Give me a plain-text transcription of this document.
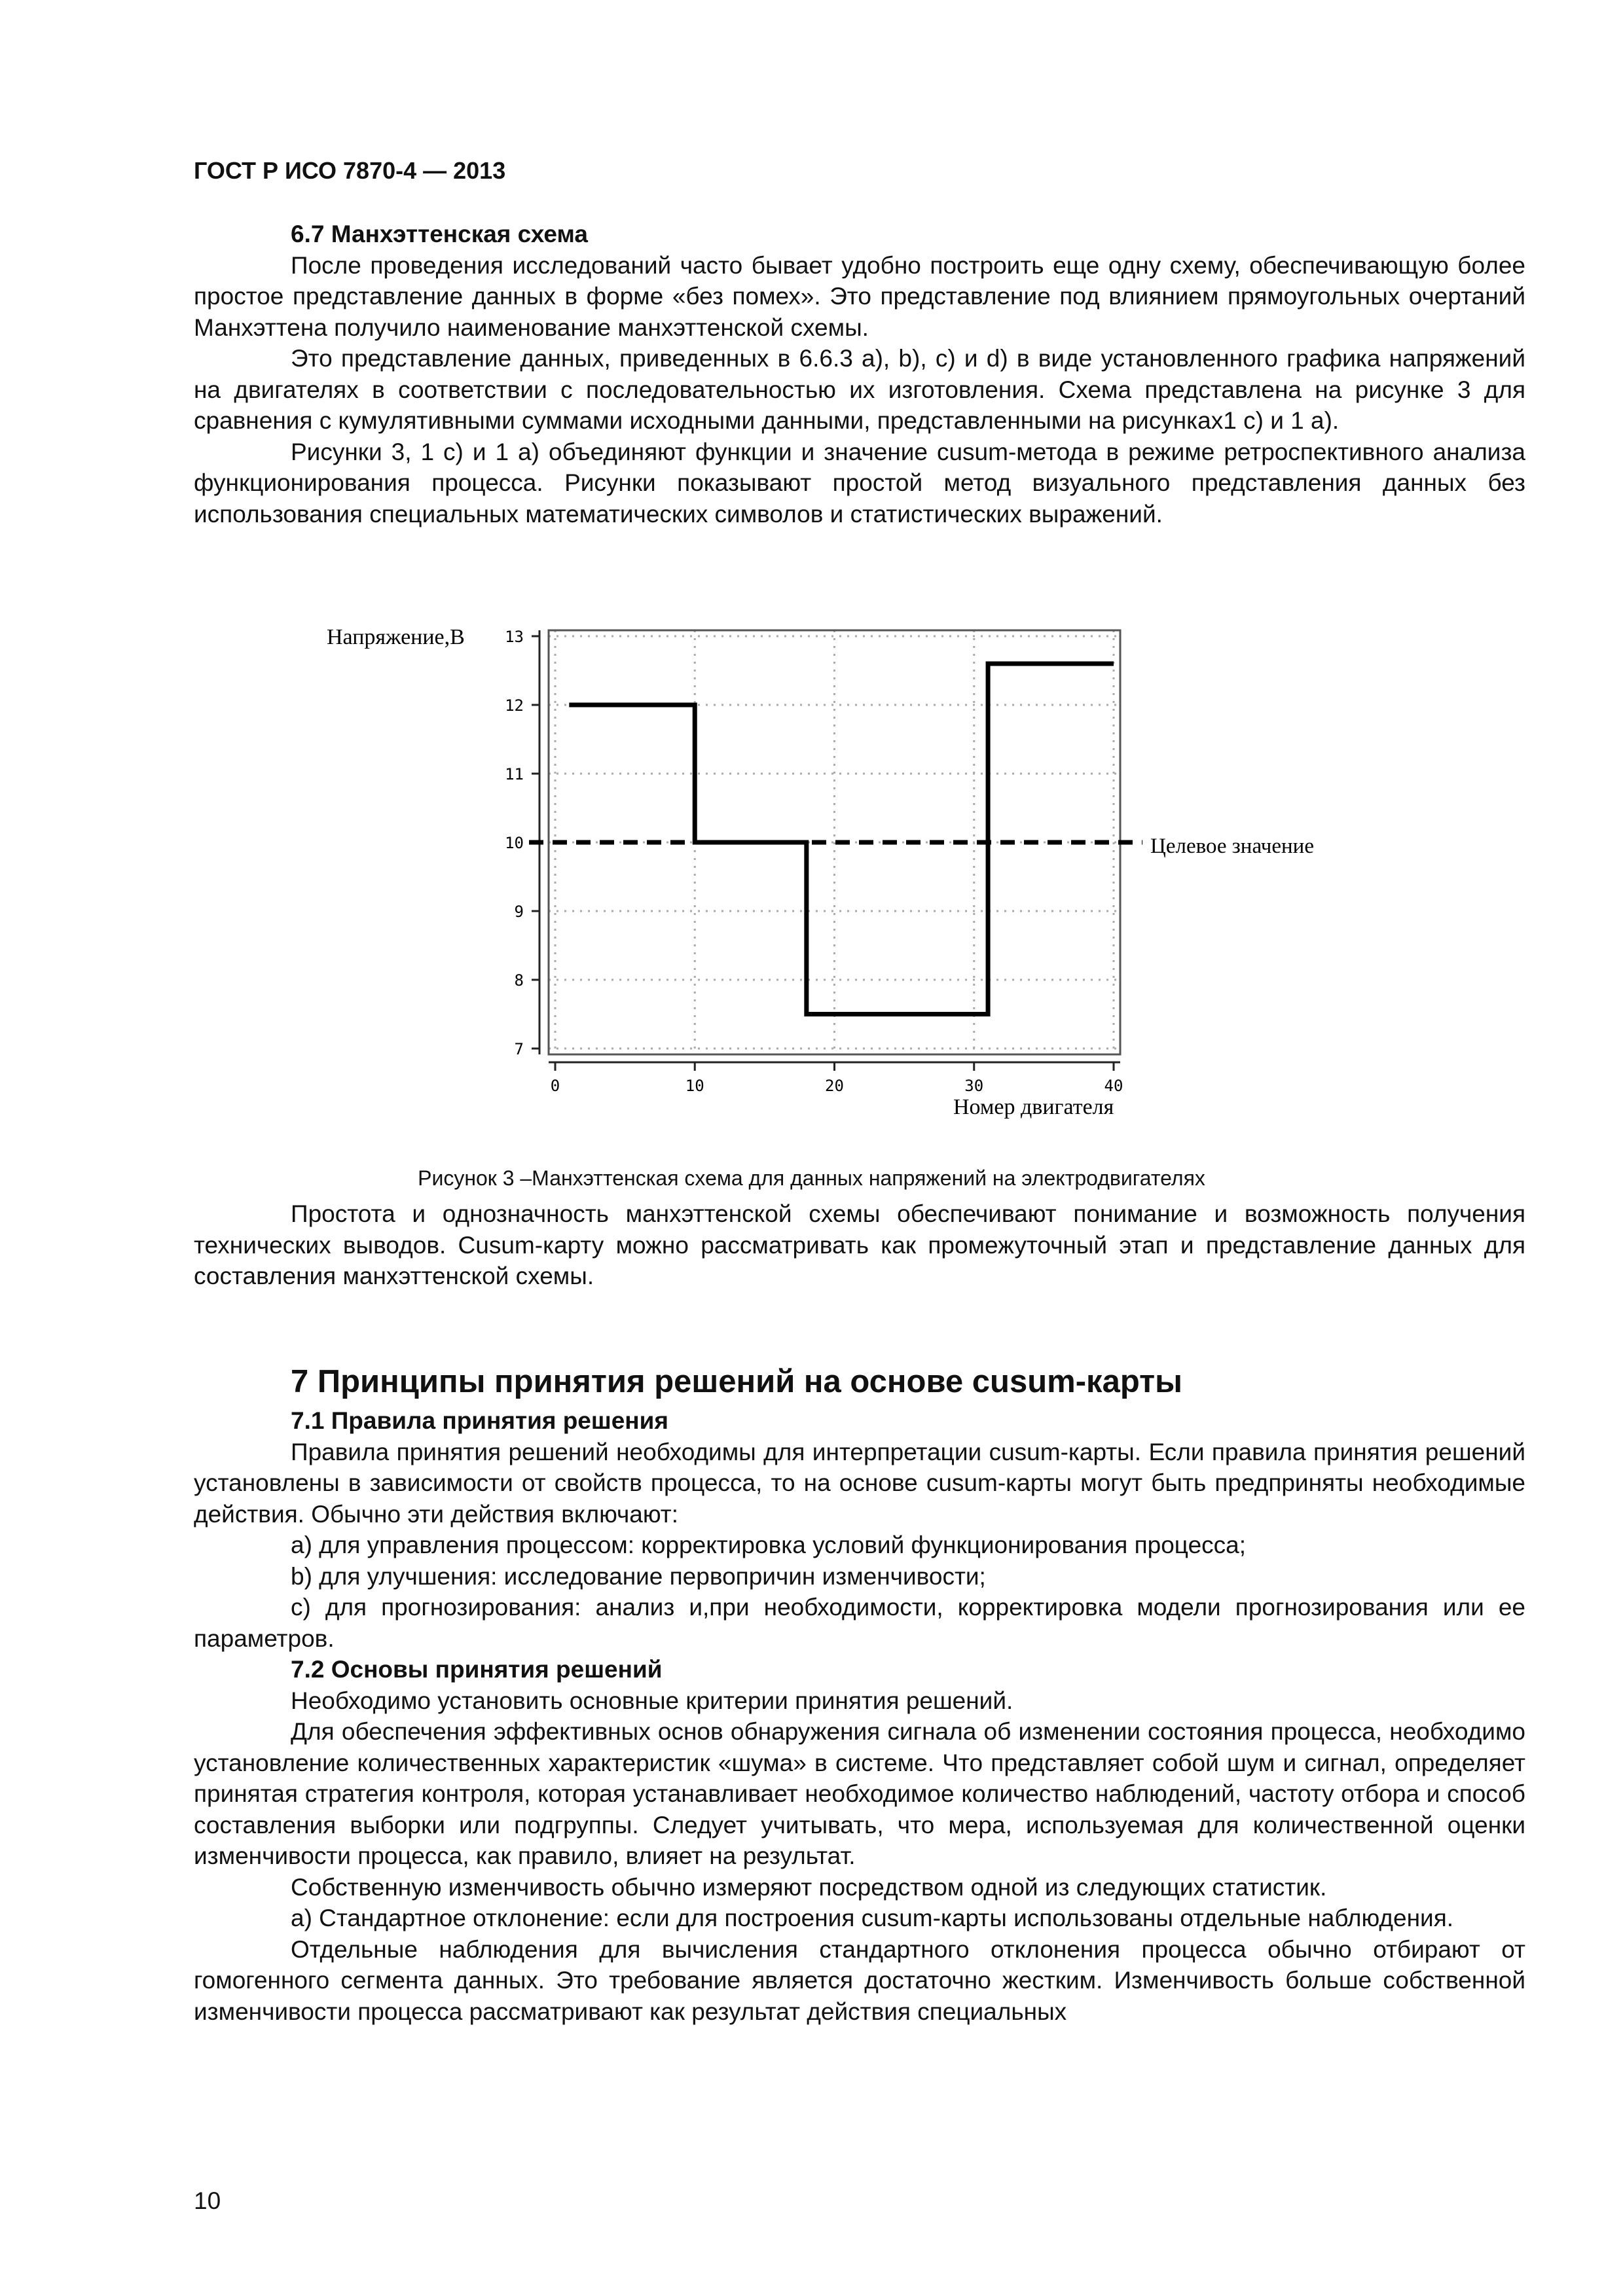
ГОСТ Р ИСО 7870-4 — 2013
6.7 Манхэттенская схема

После проведения исследований часто бывает удобно построить еще одну схему, обеспечивающую более простое представление данных в форме «без помех». Это представление под влиянием прямоугольных очертаний Манхэттена получило наименование манхэттенской схемы.

Это представление данных, приведенных в 6.6.3 a), b), c) и d) в виде установленного графика напряжений на двигателях в соответствии с последовательностью их изготовления. Схема представлена на рисунке 3 для сравнения с кумулятивными суммами исходными данными, представленными на рисунках1 c) и 1 a).

Рисунки 3, 1 c) и 1 a) объединяют функции и значение cusum-метода в режиме ретроспективного анализа функционирования процесса. Рисунки показывают простой метод визуального представления данных без использования специальных математических символов и статистических выражений.

7
8
9
10
11
12
13
0	10	20	30	40
Напряжение,В
Номер двигателя
Целевое значение
Рисунок 3 –Манхэттенская схема для данных напряжений на электродвигателях

Простота и однозначность манхэттенской схемы обеспечивают понимание и возможность получения технических выводов. Cusum-карту можно рассматривать как промежуточный этап и представление данных для составления манхэттенской схемы.

7 Принципы принятия решений на основе cusum-карты
7.1 Правила принятия решения

Правила принятия решений необходимы для интерпретации cusum-карты. Если правила принятия решений установлены в зависимости от свойств процесса, то на основе cusum-карты могут быть предприняты необходимые действия. Обычно эти действия включают:

a) для управления процессом: корректировка условий функционирования процесса;

b) для улучшения: исследование первопричин изменчивости;

c) для прогнозирования: анализ и,при необходимости, корректировка модели прогнозирования или ее параметров.

7.2 Основы принятия решений

Необходимо установить основные критерии принятия решений.

Для обеспечения эффективных основ обнаружения сигнала об изменении состояния процесса, необходимо установление количественных характеристик «шума» в системе. Что представляет собой шум и сигнал, определяет принятая стратегия контроля, которая устанавливает необходимое количество наблюдений, частоту отбора и способ составления выборки или подгруппы. Следует учитывать, что мера, используемая для количественной оценки изменчивости процесса, как правило, влияет на результат.

Собственную изменчивость обычно измеряют посредством одной из следующих статистик.

a) Стандартное отклонение: если для построения cusum-карты использованы отдельные наблюдения.

Отдельные наблюдения для вычисления стандартного отклонения процесса обычно отбирают от гомогенного сегмента данных. Это требование является достаточно жестким. Изменчивость больше собственной изменчивости процесса рассматривают как результат действия специальных

10
